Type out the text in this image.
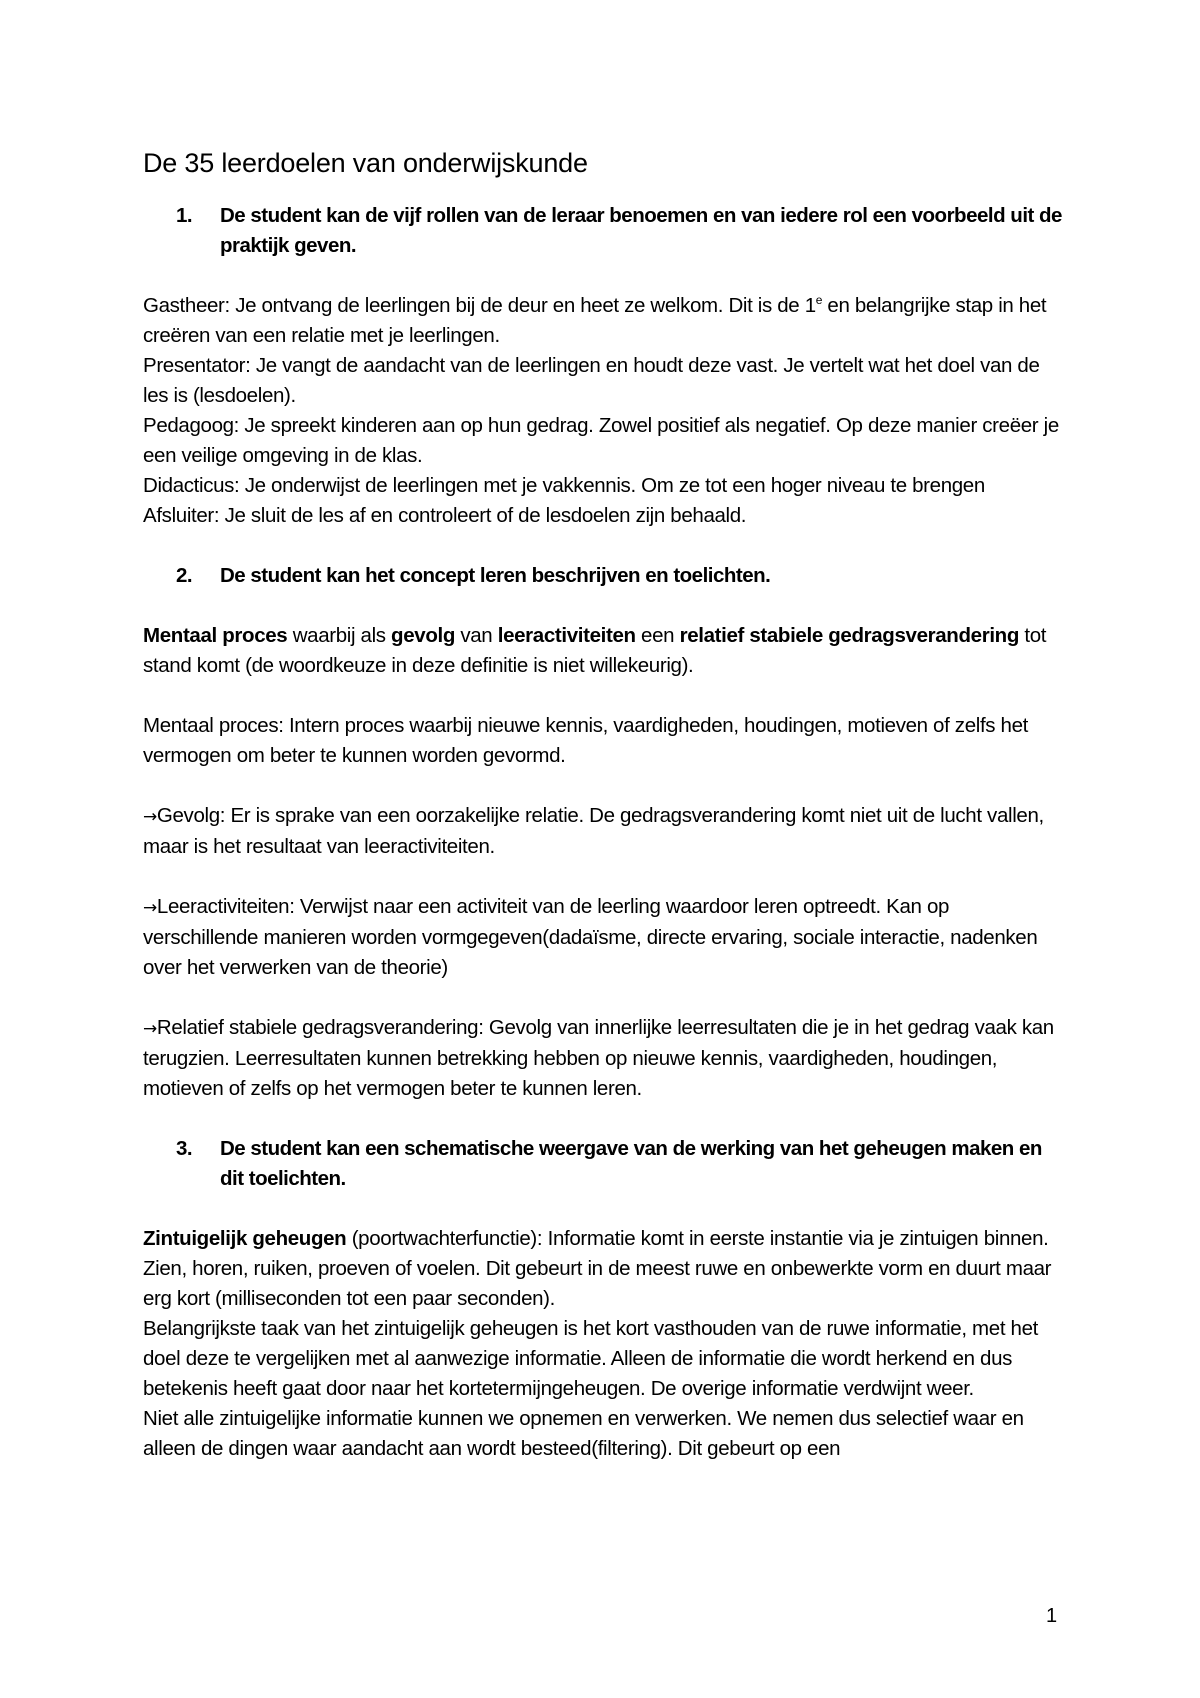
De 35 leerdoelen van onderwijskunde
1.	De student kan de vijf rollen van de leraar benoemen en van iedere rol een voorbeeld uit de praktijk geven.

Gastheer: Je ontvang de leerlingen bij de deur en heet ze welkom. Dit is de 1e en belangrijke stap in het creëren van een relatie met je leerlingen.

Presentator: Je vangt de aandacht van de leerlingen en houdt deze vast. Je vertelt wat het doel van de les is (lesdoelen).

Pedagoog: Je spreekt kinderen aan op hun gedrag. Zowel positief als negatief. Op deze manier creëer je een veilige omgeving in de klas.

Didacticus: Je onderwijst de leerlingen met je vakkennis. Om ze tot een hoger niveau te brengen

Afsluiter: Je sluit de les af en controleert of de lesdoelen zijn behaald.

2.	De student kan het concept leren beschrijven en toelichten.

Mentaal proces waarbij als gevolg van leeractiviteiten een relatief stabiele gedragsverandering tot stand komt (de woordkeuze in deze definitie is niet willekeurig).

Mentaal proces: Intern proces waarbij nieuwe kennis, vaardigheden, houdingen, motieven of zelfs het vermogen om beter te kunnen worden gevormd.

→Gevolg: Er is sprake van een oorzakelijke relatie. De gedragsverandering komt niet uit de lucht vallen, maar is het resultaat van leeractiviteiten.

→Leeractiviteiten: Verwijst naar een activiteit van de leerling waardoor leren optreedt. Kan op verschillende manieren worden vormgegeven(dadaïsme, directe ervaring, sociale interactie, nadenken over het verwerken van de theorie)

→Relatief stabiele gedragsverandering: Gevolg van innerlijke leerresultaten die je in het gedrag vaak kan terugzien. Leerresultaten kunnen betrekking hebben op nieuwe kennis, vaardigheden, houdingen, motieven of zelfs op het vermogen beter te kunnen leren.

3.	De student kan een schematische weergave van de werking van het geheugen maken en dit toelichten.

Zintuigelijk geheugen (poortwachterfunctie): Informatie komt in eerste instantie via je zintuigen binnen. Zien, horen, ruiken, proeven of voelen. Dit gebeurt in de meest ruwe en onbewerkte vorm en duurt maar erg kort (milliseconden tot een paar seconden).

Belangrijkste taak van het zintuigelijk geheugen is het kort vasthouden van de ruwe informatie, met het doel deze te vergelijken met al aanwezige informatie. Alleen de informatie die wordt herkend en dus betekenis heeft gaat door naar het kortetermijngeheugen. De overige informatie verdwijnt weer.

Niet alle zintuigelijke informatie kunnen we opnemen en verwerken. We nemen dus selectief waar en alleen de dingen waar aandacht aan wordt besteed(filtering). Dit gebeurt op een

1
